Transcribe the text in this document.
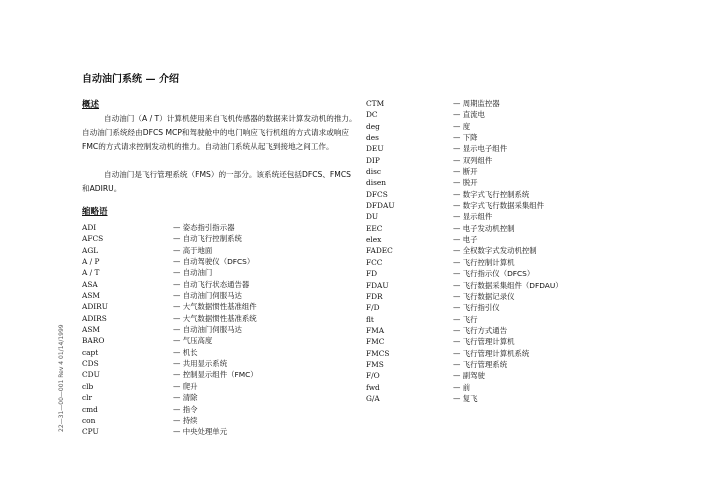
自动油门系统 — 介绍
概述

自动油门（A / T）计算机使用来自飞机传感器的数据来计算发动机的推力。自动油门系统经由DFCS MCP和驾驶舱中的电门响应飞行机组的方式请求或响应FMC的方式请求控制发动机的推力。自动油门系统从起飞到接地之间工作。

自动油门是飞行管理系统（FMS）的一部分。该系统还包括DFCS、FMCS和ADIRU。

缩略语
ADI	— 姿态指引指示器
AFCS	— 自动飞行控制系统
AGL	— 高于地面
A / P	— 自动驾驶仪（DFCS）
A / T	— 自动油门
ASA	— 自动飞行状态通告器
ASM	— 自动油门伺服马达
ADIRU	— 大气数据惯性基准组件
ADIRS	— 大气数据惯性基准系统
ASM	— 自动油门伺服马达
BARO	— 气压高度
capt	— 机长
CDS	— 共用显示系统
CDU	— 控制显示组件（FMC）
clb	— 爬升
clr	— 清除
cmd	— 指令
con	— 持续
CPU	— 中央处理单元
CTM	— 周期监控器
DC	— 直流电
deg	— 度
des	— 下降
DEU	— 显示电子组件
DIP	— 双列组件
disc	— 断开
disen	— 脱开
DFCS	— 数字式飞行控制系统
DFDAU	— 数字式飞行数据采集组件
DU	— 显示组件
EEC	— 电子发动机控制
elex	— 电子
FADEC	— 全权数字式发动机控制
FCC	— 飞行控制计算机
FD	— 飞行指示仪（DFCS）
FDAU	— 飞行数据采集组件（DFDAU）
FDR	— 飞行数据记录仪
F/D	— 飞行指引仪
flt	— 飞行
FMA	— 飞行方式通告
FMC	— 飞行管理计算机
FMCS	— 飞行管理计算机系统
FMS	— 飞行管理系统
F/O	— 副驾驶
fwd	— 前
G/A	— 复飞
22—31—00—001 Rev 4 01/14/1999
